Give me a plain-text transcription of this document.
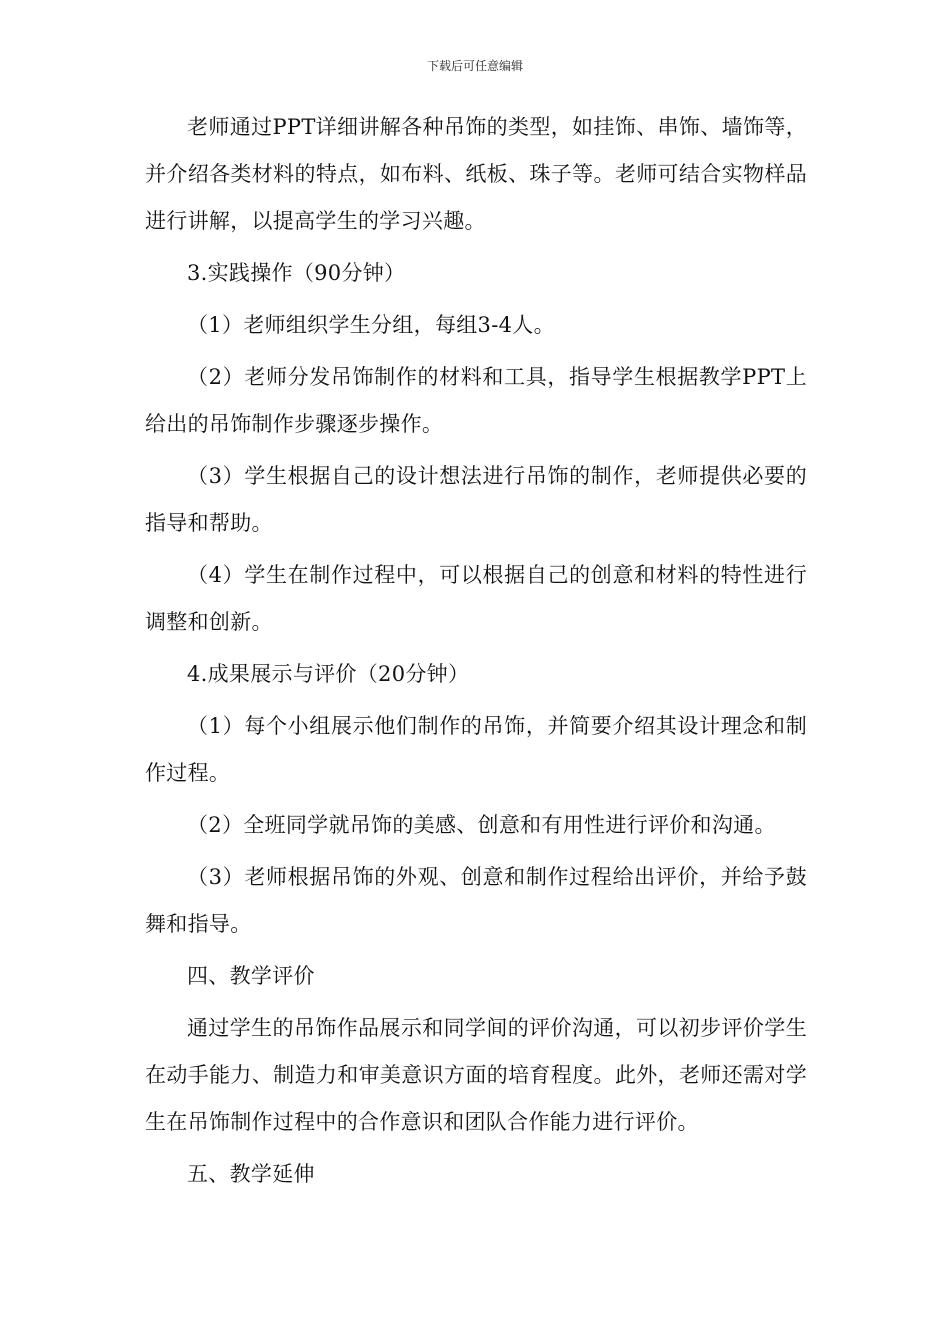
下载后可任意编辑

老师通过PPT详细讲解各种吊饰的类型，如挂饰、串饰、墙饰等，并介绍各类材料的特点，如布料、纸板、珠子等。老师可结合实物样品进行讲解，以提高学生的学习兴趣。

3.实践操作（90分钟）

（1）老师组织学生分组，每组3-4人。

（2）老师分发吊饰制作的材料和工具，指导学生根据教学PPT上给出的吊饰制作步骤逐步操作。

（3）学生根据自己的设计想法进行吊饰的制作，老师提供必要的指导和帮助。

（4）学生在制作过程中，可以根据自己的创意和材料的特性进行调整和创新。

4.成果展示与评价（20分钟）

（1）每个小组展示他们制作的吊饰，并简要介绍其设计理念和制作过程。

（2）全班同学就吊饰的美感、创意和有用性进行评价和沟通。

（3）老师根据吊饰的外观、创意和制作过程给出评价，并给予鼓舞和指导。

四、教学评价

通过学生的吊饰作品展示和同学间的评价沟通，可以初步评价学生在动手能力、制造力和审美意识方面的培育程度。此外，老师还需对学生在吊饰制作过程中的合作意识和团队合作能力进行评价。

五、教学延伸
